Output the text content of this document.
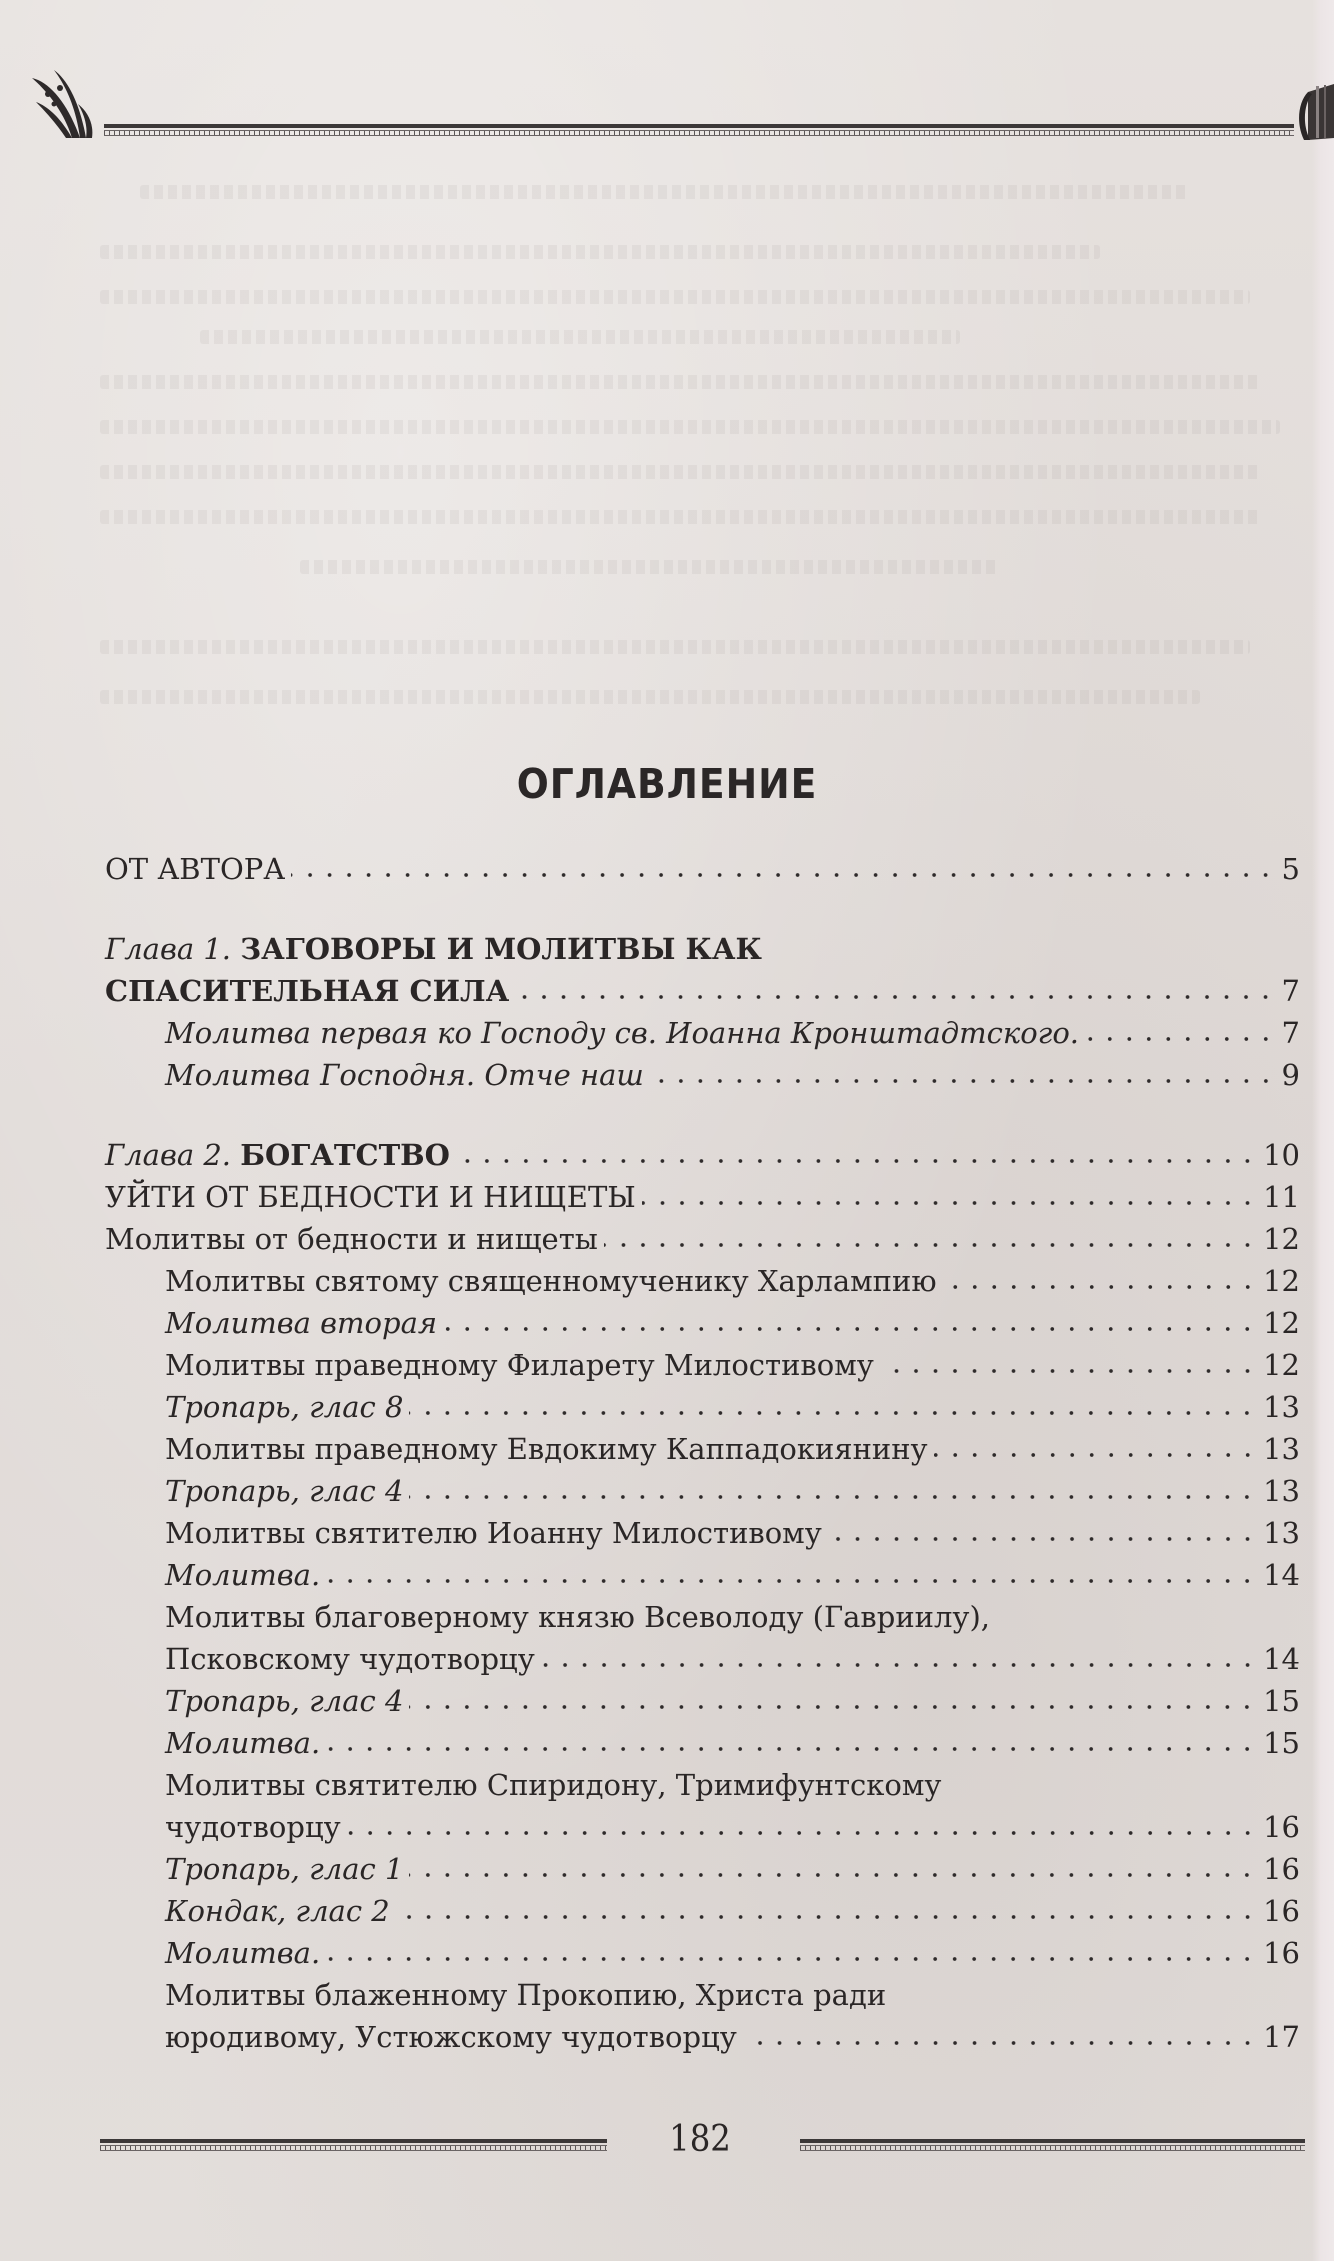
ОГЛАВЛЕНИЕ
ОТ АВТОРА	5
Глава 1. ЗАГОВОРЫ И МОЛИТВЫ КАК
СПАСИТЕЛЬНАЯ СИЛА	7
Молитва первая ко Господу св. Иоанна Кронштадтского.	7
Молитва Господня. Отче наш	9
Глава 2. БОГАТСТВО	10
УЙТИ ОТ БЕДНОСТИ И НИЩЕТЫ	11
Молитвы от бедности и нищеты	12
Молитвы святому священномученику Харлампию	12
Молитва вторая	12
Молитвы праведному Филарету Милостивому	12
Тропарь, глас 8	13
Молитвы праведному Евдокиму Каппадокиянину	13
Тропарь, глас 4	13
Молитвы святителю Иоанну Милостивому	13
Молитва.	14
Молитвы благоверному князю Всеволоду (Гавриилу),
Псковскому чудотворцу	14
Тропарь, глас 4	15
Молитва.	15
Молитвы святителю Спиридону, Тримифунтскому
чудотворцу	16
Тропарь, глас 1	16
Кондак, глас 2	16
Молитва.	16
Молитвы блаженному Прокопию, Христа ради
юродивому, Устюжскому чудотворцу	17
182
